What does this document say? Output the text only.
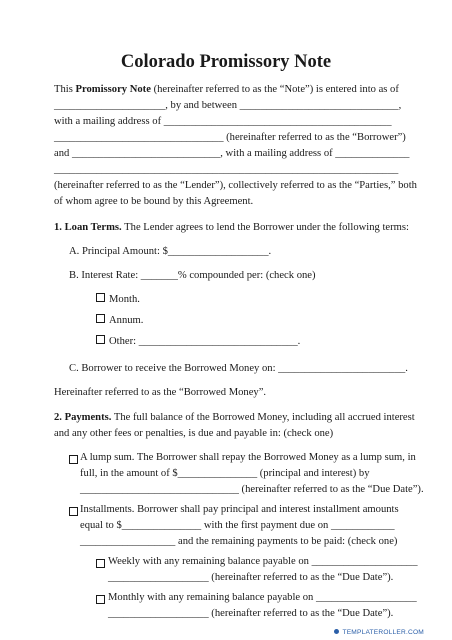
Colorado Promissory Note
This Promissory Note (hereinafter referred to as the “Note”) is entered into as of
_____________________, by and between ______________________________,
with a mailing address of ___________________________________________
________________________________ (hereinafter referred to as the “Borrower”)
and ____________________________, with a mailing address of ______________
_________________________________________________________________
(hereinafter referred to as the “Lender”), collectively referred to as the “Parties,” both
of whom agree to be bound by this Agreement.
1. Loan Terms. The Lender agrees to lend the Borrower under the following terms:
A. Principal Amount: $___________________.
B. Interest Rate: _______% compounded per: (check one)
Month.
Annum.
Other: ______________________________.
C. Borrower to receive the Borrowed Money on: ________________________.
Hereinafter referred to as the “Borrowed Money”.
2. Payments. The full balance of the Borrowed Money, including all accrued interest
and any other fees or penalties, is due and payable in: (check one)
A lump sum. The Borrower shall repay the Borrowed Money as a lump sum, in
full, in the amount of $_______________ (principal and interest) by
______________________________ (hereinafter referred to as the “Due Date”).
Installments. Borrower shall pay principal and interest installment amounts
equal to $_______________ with the first payment due on ____________
__________________ and the remaining payments to be paid: (check one)
Weekly with any remaining balance payable on ____________________
___________________ (hereinafter referred to as the “Due Date”).
Monthly with any remaining balance payable on ___________________
___________________ (hereinafter referred to as the “Due Date”).
TEMPLATEROLLER.COM
